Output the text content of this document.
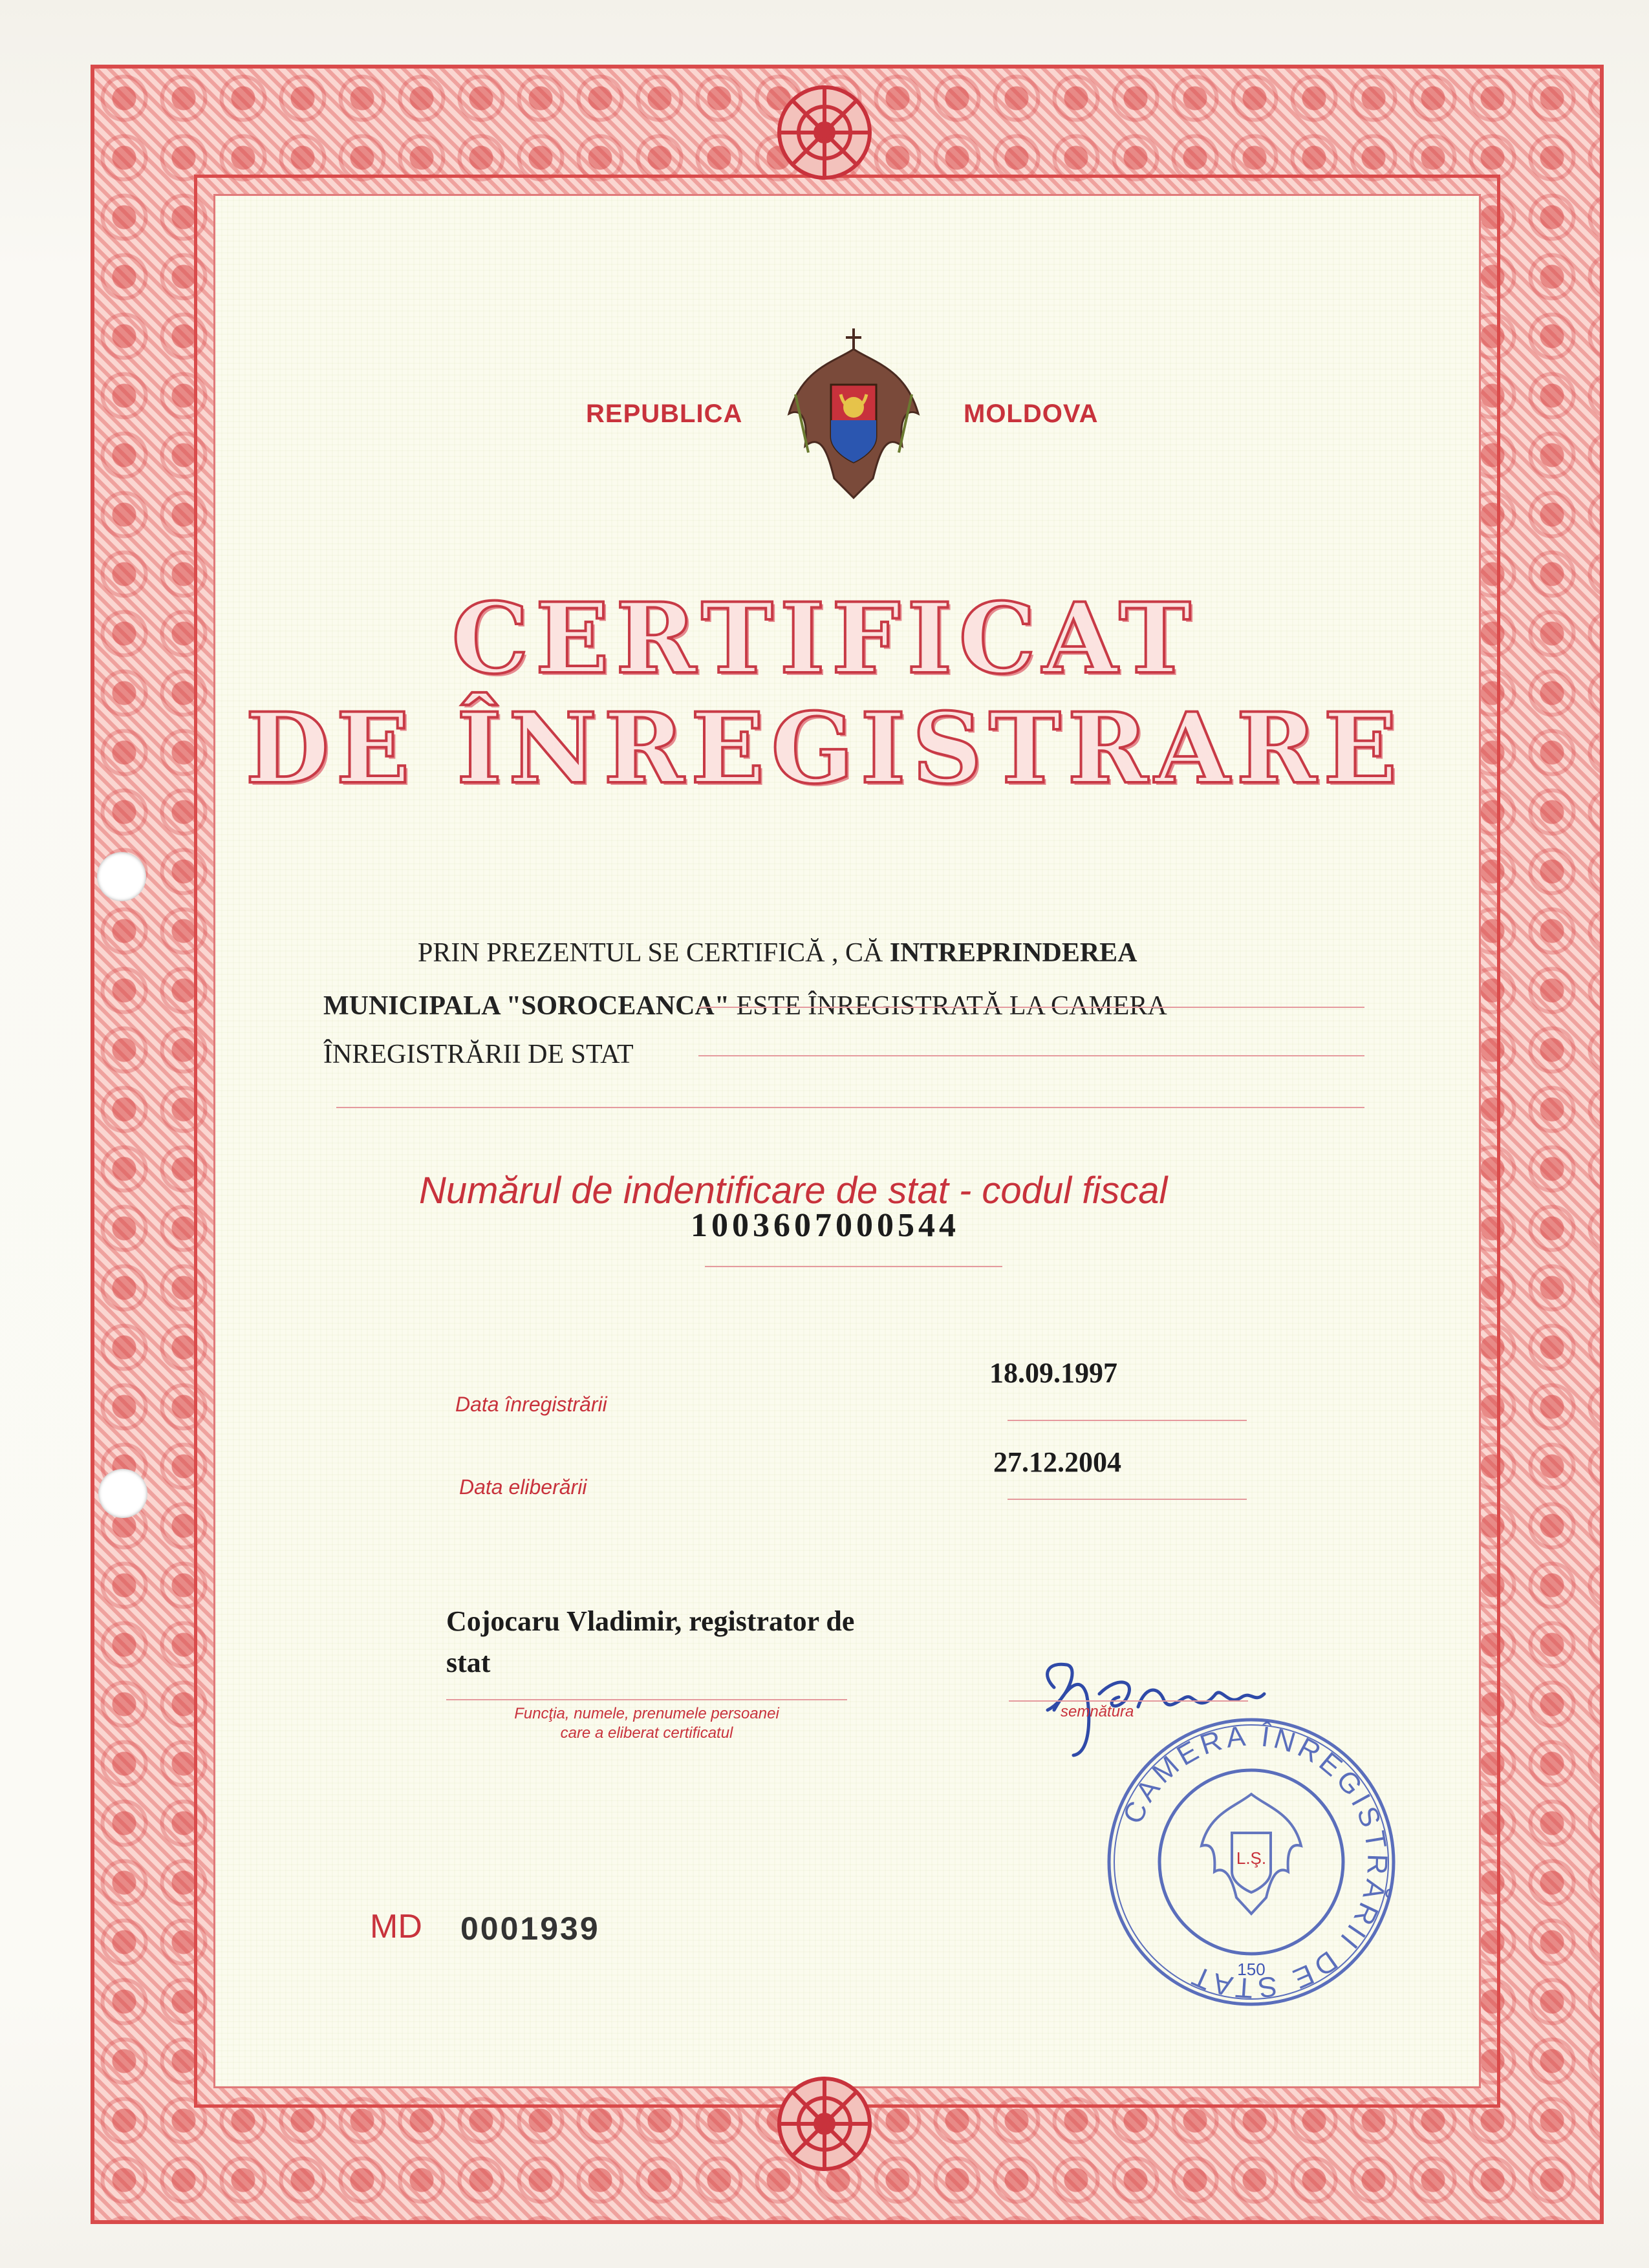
REPUBLICA	MOLDOVA
CERTIFICAT
DE ÎNREGISTRARE
PRIN PREZENTUL SE CERTIFICĂ , CĂ INTREPRINDEREA
MUNICIPALA "SOROCEANCA" ESTE ÎNREGISTRATĂ LA CAMERA
ÎNREGISTRĂRII DE STAT
Numărul de indentificare de stat - codul fiscal
1003607000544
18.09.1997
Data înregistrării
27.12.2004
Data eliberării
Cojocaru Vladimir, registrator de
stat
Funcţia, numele, prenumele persoanei
care a eliberat certificatul
semnătura
MD 0001939
CAMERA ÎNREGISTRĂRII DE STAT
L.Ş.
150
